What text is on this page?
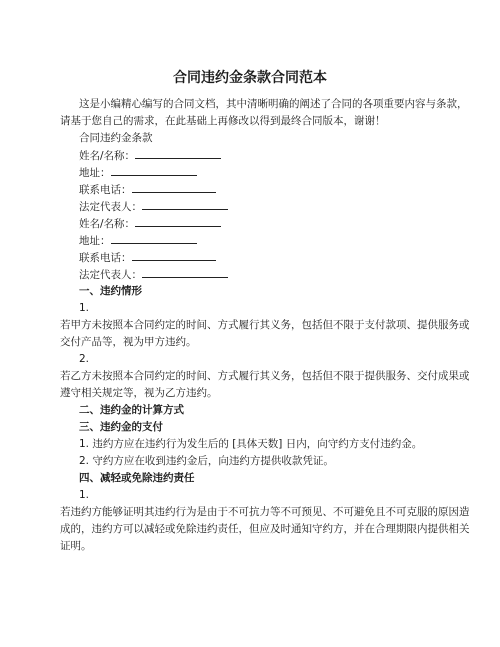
合同违约金条款合同范本
这是小编精心编写的合同文档，其中清晰明确的阐述了合同的各项重要内容与条款，
请基于您自己的需求，在此基础上再修改以得到最终合同版本，谢谢！
合同违约金条款
姓名/名称：
地址：
联系电话：
法定代表人：
姓名/名称：
地址：
联系电话：
法定代表人：
一、违约情形
1.
若甲方未按照本合同约定的时间、方式履行其义务，包括但不限于支付款项、提供服务或
交付产品等，视为甲方违约。
2.
若乙方未按照本合同约定的时间、方式履行其义务，包括但不限于提供服务、交付成果或
遵守相关规定等，视为乙方违约。
二、违约金的计算方式
三、违约金的支付
1. 违约方应在违约行为发生后的 [具体天数] 日内，向守约方支付违约金。
2. 守约方应在收到违约金后，向违约方提供收款凭证。
四、减轻或免除违约责任
1.
若违约方能够证明其违约行为是由于不可抗力等不可预见、不可避免且不可克服的原因造
成的，违约方可以减轻或免除违约责任，但应及时通知守约方，并在合理期限内提供相关
证明。
